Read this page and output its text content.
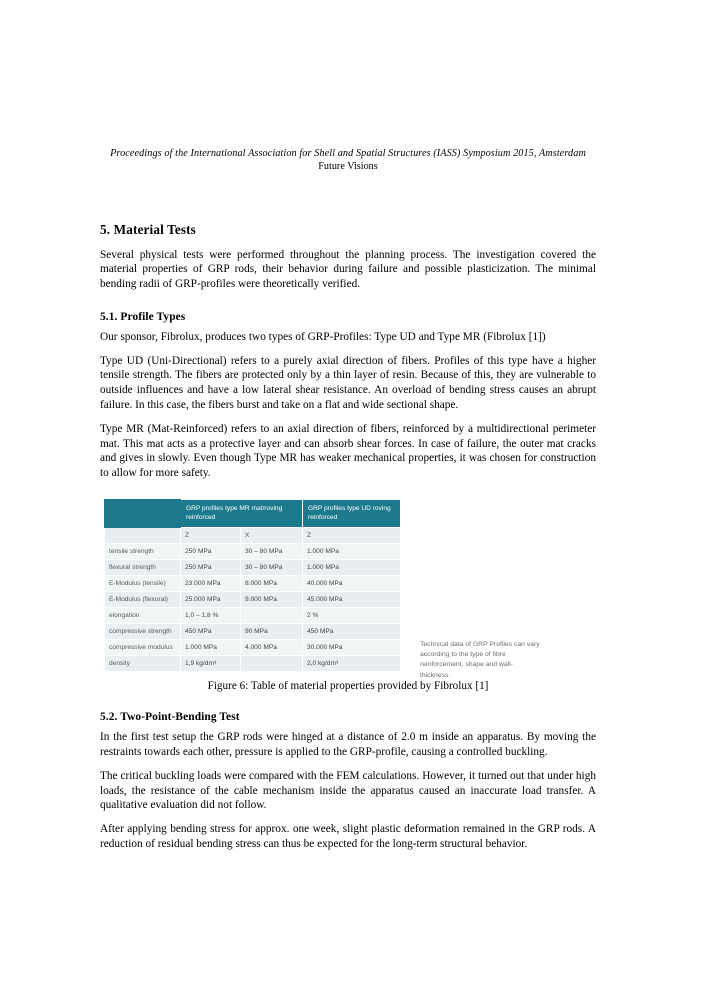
Proceedings of the International Association for Shell and Spatial Structures (IASS) Symposium 2015, Amsterdam
Future Visions
5. Material Tests

Several physical tests were performed throughout the planning process. The investigation covered the material properties of GRP rods, their behavior during failure and possible plasticization. The minimal bending radii of GRP-profiles were theoretically verified.

5.1. Profile Types

Our sponsor, Fibrolux, produces two types of GRP-Profiles: Type UD and Type MR (Fibrolux [1])

Type UD (Uni-Directional) refers to a purely axial direction of fibers. Profiles of this type have a higher tensile strength. The fibers are protected only by a thin layer of resin. Because of this, they are vulnerable to outside influences and have a low lateral shear resistance. An overload of bending stress causes an abrupt failure. In this case, the fibers burst and take on a flat and wide sectional shape.

Type MR (Mat-Reinforced) refers to an axial direction of fibers, reinforced by a multidirectional perimeter mat. This mat acts as a protective layer and can absorb shear forces. In case of failure, the outer mat cracks and gives in slowly. Even though Type MR has weaker mechanical properties, it was chosen for construction to allow for more safety.

	GRP profiles type MR mat/roving reinforced		GRP profiles type UD roving reinforced
	Z	X	Z
tensile strength	250 MPa	30 – 80 MPa	1.000 MPa
flexural strength	250 MPa	30 – 80 MPa	1.000 MPa
E-Modulus (tensile)	23.000 MPa	8.000 MPa	40.000 MPa
E-Modulus (flexural)	25.000 MPa	9.000 MPa	45.000 MPa
elongation	1,0 – 1,8 %		2 %
compressive strength	450 MPa	90 MPa	450 MPa
compressive modulus	1.000 MPa	4.000 MPa	30.000 MPa
density	1,9 kg/dm³		2,0 kg/dm³
Technical data of GRP Profiles can vary according to the type of fibre reinforcement, shape and wall-thickness.

Figure 6: Table of material properties provided by Fibrolux [1]

5.2. Two-Point-Bending Test

In the first test setup the GRP rods were hinged at a distance of 2.0 m inside an apparatus. By moving the restraints towards each other, pressure is applied to the GRP-profile, causing a controlled buckling.

The critical buckling loads were compared with the FEM calculations. However, it turned out that under high loads, the resistance of the cable mechanism inside the apparatus caused an inaccurate load transfer. A qualitative evaluation did not follow.

After applying bending stress for approx. one week, slight plastic deformation remained in the GRP rods. A reduction of residual bending stress can thus be expected for the long-term structural behavior.
